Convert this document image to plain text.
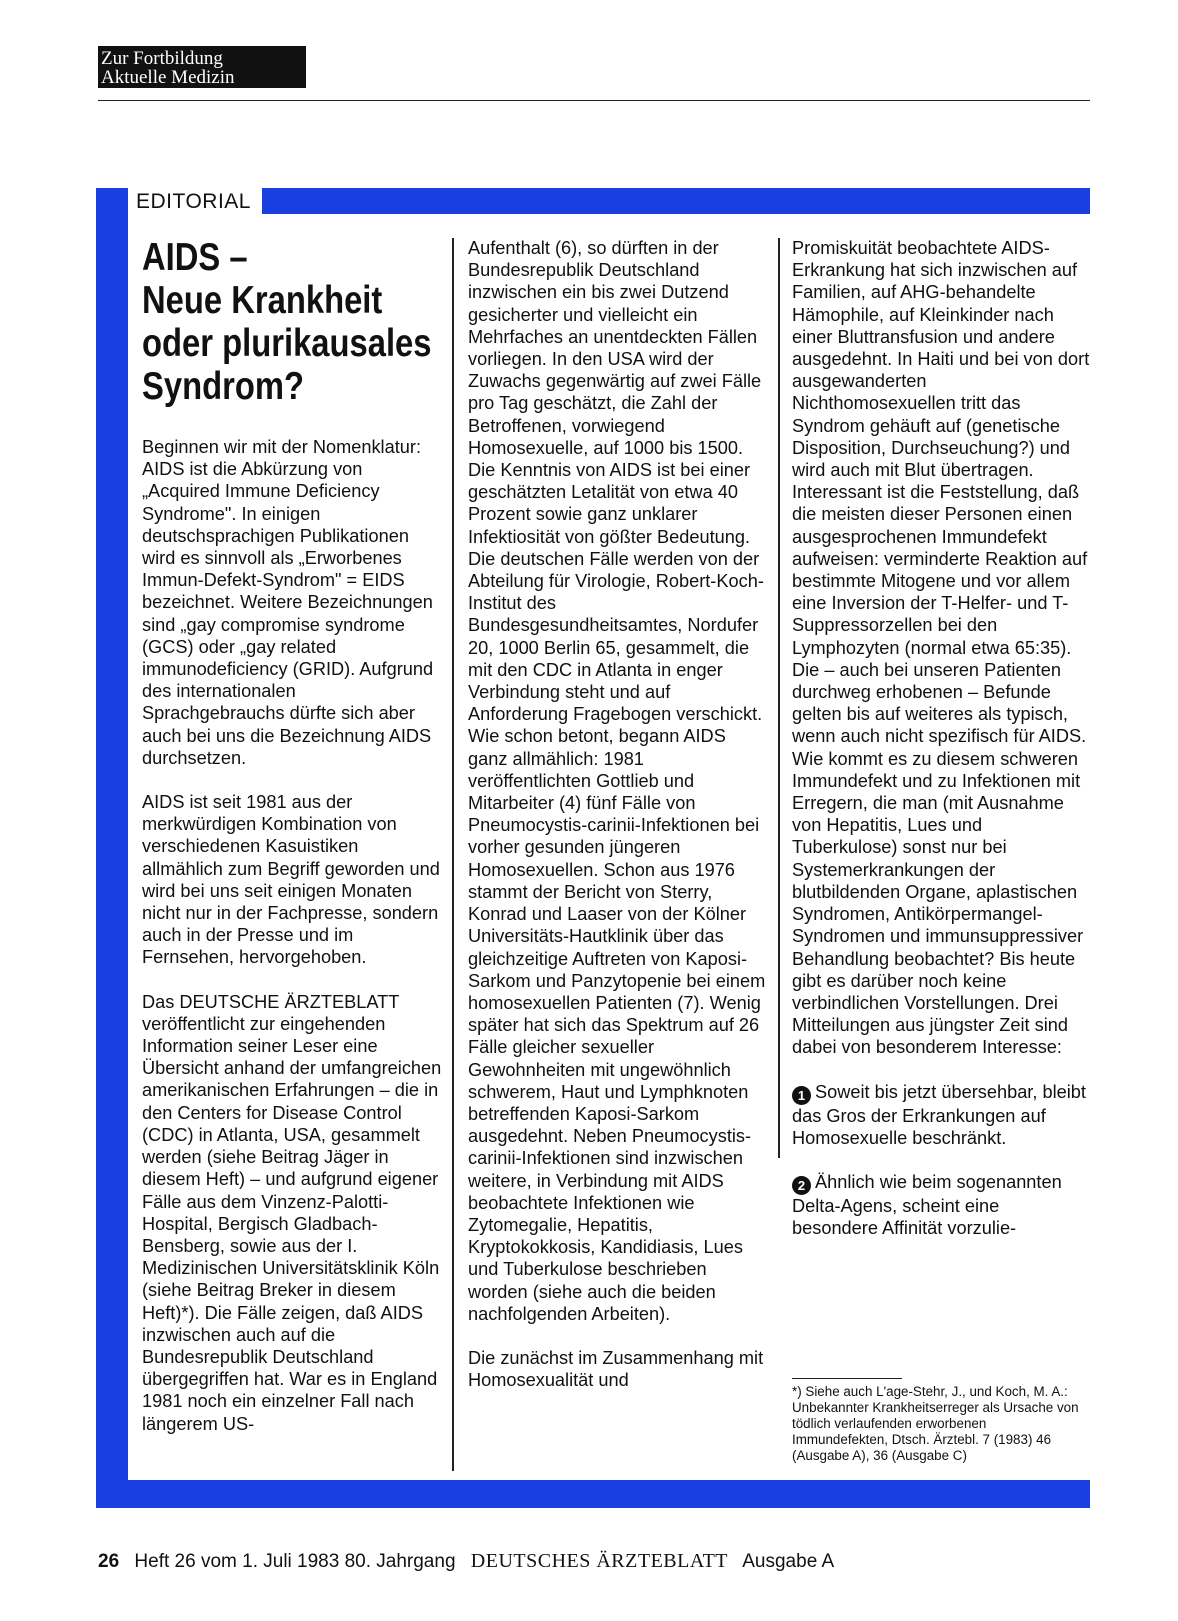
Zur Fortbildung
Aktuelle Medizin
EDITORIAL
AIDS –
Neue Krankheit
oder plurikausales
Syndrom?

Beginnen wir mit der Nomenklatur: AIDS ist die Abkürzung von „Acquired Immune Deficiency Syndrome". In einigen deutschsprachigen Publikationen wird es sinnvoll als „Erworbenes Immun-Defekt-Syndrom" = EIDS bezeichnet. Weitere Bezeichnungen sind „gay compromise syndrome (GCS) oder „gay related immunodeficiency (GRID). Aufgrund des internationalen Sprachgebrauchs dürfte sich aber auch bei uns die Bezeichnung AIDS durchsetzen.

AIDS ist seit 1981 aus der merkwürdigen Kombination von verschiedenen Kasuistiken allmählich zum Begriff geworden und wird bei uns seit einigen Monaten nicht nur in der Fachpresse, sondern auch in der Presse und im Fernsehen, hervorgehoben.

Das DEUTSCHE ÄRZTEBLATT veröffentlicht zur eingehenden Information seiner Leser eine Übersicht anhand der umfangreichen amerikanischen Erfahrungen – die in den Centers for Disease Control (CDC) in Atlanta, USA, gesammelt werden (siehe Beitrag Jäger in diesem Heft) – und aufgrund eigener Fälle aus dem Vinzenz-Palotti-Hospital, Bergisch Gladbach-Bensberg, sowie aus der I. Medizinischen Universitätsklinik Köln (siehe Beitrag Breker in diesem Heft)*). Die Fälle zeigen, daß AIDS inzwischen auch auf die Bundesrepublik Deutschland übergegriffen hat. War es in England 1981 noch ein einzelner Fall nach längerem US-

Aufenthalt (6), so dürften in der Bundesrepublik Deutschland inzwischen ein bis zwei Dutzend gesicherter und vielleicht ein Mehrfaches an unentdeckten Fällen vorliegen. In den USA wird der Zuwachs gegenwärtig auf zwei Fälle pro Tag geschätzt, die Zahl der Betroffenen, vorwiegend Homosexuelle, auf 1000 bis 1500. Die Kenntnis von AIDS ist bei einer geschätzten Letalität von etwa 40 Prozent sowie ganz unklarer Infektiosität von gößter Bedeutung. Die deutschen Fälle werden von der Abteilung für Virologie, Robert-Koch-Institut des Bundesgesundheitsamtes, Nordufer 20, 1000 Berlin 65, gesammelt, die mit den CDC in Atlanta in enger Verbindung steht und auf Anforderung Fragebogen verschickt. Wie schon betont, begann AIDS ganz allmählich: 1981 veröffentlichten Gottlieb und Mitarbeiter (4) fünf Fälle von Pneumocystis-carinii-Infektionen bei vorher gesunden jüngeren Homosexuellen. Schon aus 1976 stammt der Bericht von Sterry, Konrad und Laaser von der Kölner Universitäts-Hautklinik über das gleichzeitige Auftreten von Kaposi-Sarkom und Panzytopenie bei einem homosexuellen Patienten (7). Wenig später hat sich das Spektrum auf 26 Fälle gleicher sexueller Gewohnheiten mit ungewöhnlich schwerem, Haut und Lymphknoten betreffenden Kaposi-Sarkom ausgedehnt. Neben Pneumocystis-carinii-Infektionen sind inzwischen weitere, in Verbindung mit AIDS beobachtete Infektionen wie Zytomegalie, Hepatitis, Kryptokokkosis, Kandidiasis, Lues und Tuberkulose beschrieben worden (siehe auch die beiden nachfolgenden Arbeiten).

Die zunächst im Zusammenhang mit Homosexualität und

Promiskuität beobachtete AIDS-Erkrankung hat sich inzwischen auf Familien, auf AHG-behandelte Hämophile, auf Kleinkinder nach einer Bluttransfusion und andere ausgedehnt. In Haiti und bei von dort ausgewanderten Nichthomosexuellen tritt das Syndrom gehäuft auf (genetische Disposition, Durchseuchung?) und wird auch mit Blut übertragen. Interessant ist die Feststellung, daß die meisten dieser Personen einen ausgesprochenen Immundefekt aufweisen: verminderte Reaktion auf bestimmte Mitogene und vor allem eine Inversion der T-Helfer- und T-Suppressorzellen bei den Lymphozyten (normal etwa 65:35). Die – auch bei unseren Patienten durchweg erhobenen – Befunde gelten bis auf weiteres als typisch, wenn auch nicht spezifisch für AIDS. Wie kommt es zu diesem schweren Immundefekt und zu Infektionen mit Erregern, die man (mit Ausnahme von Hepatitis, Lues und Tuberkulose) sonst nur bei Systemerkrankungen der blutbildenden Organe, aplastischen Syndromen, Antikörpermangel-Syndromen und immunsuppressiver Behandlung beobachtet? Bis heute gibt es darüber noch keine verbindlichen Vorstellungen. Drei Mitteilungen aus jüngster Zeit sind dabei von besonderem Interesse:

1 Soweit bis jetzt übersehbar, bleibt das Gros der Erkrankungen auf Homosexuelle beschränkt.

2 Ähnlich wie beim sogenannten Delta-Agens, scheint eine besondere Affinität vorzulie-

*) Siehe auch L'age-Stehr, J., und Koch, M. A.: Unbekannter Krankheitserreger als Ursache von tödlich verlaufenden erworbenen Immundefekten, Dtsch. Ärztebl. 7 (1983) 46 (Ausgabe A), 36 (Ausgabe C)
26 Heft 26 vom 1. Juli 1983 80. Jahrgang DEUTSCHES ÄRZTEBLATT Ausgabe A
